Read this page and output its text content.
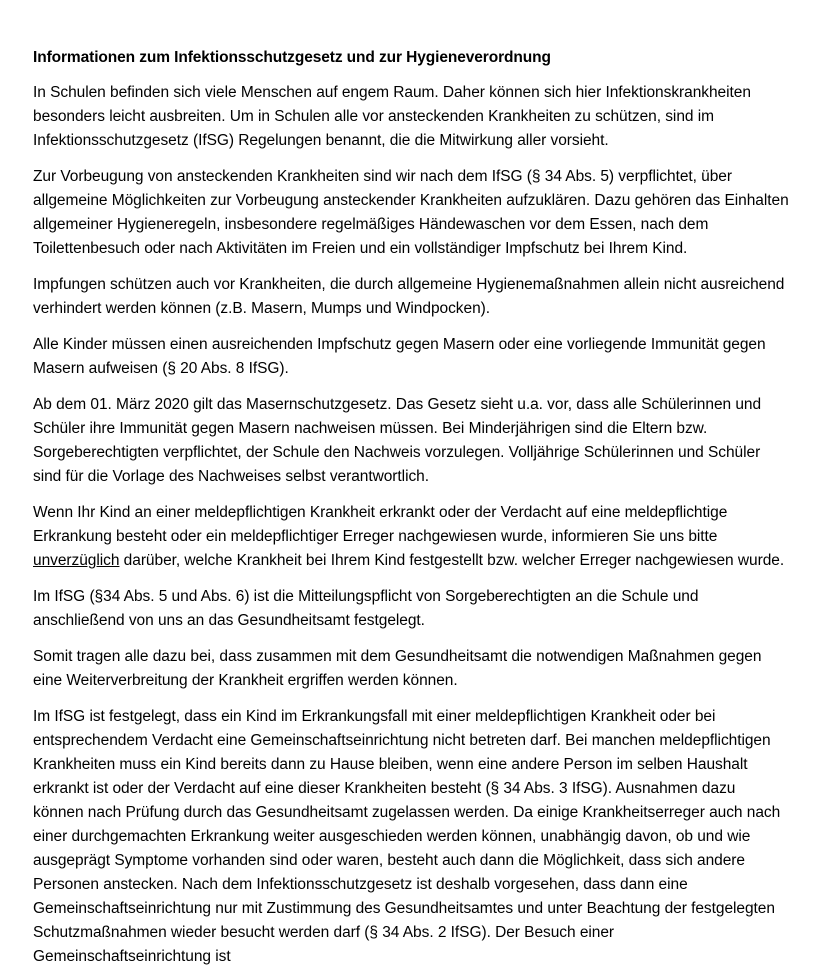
Informationen zum Infektionsschutzgesetz und zur Hygieneverordnung

In Schulen befinden sich viele Menschen auf engem Raum. Daher können sich hier Infektionskrankheiten besonders leicht ausbreiten. Um in Schulen alle vor ansteckenden Krankheiten zu schützen, sind im Infektionsschutzgesetz (IfSG) Regelungen benannt, die die Mitwirkung aller vorsieht.

Zur Vorbeugung von ansteckenden Krankheiten sind wir nach dem IfSG (§ 34 Abs. 5) verpflichtet, über allgemeine Möglichkeiten zur Vorbeugung ansteckender Krankheiten aufzuklären. Dazu gehören das Einhalten allgemeiner Hygieneregeln, insbesondere regelmäßiges Händewaschen vor dem Essen, nach dem Toilettenbesuch oder nach Aktivitäten im Freien und ein vollständiger Impfschutz bei Ihrem Kind.

Impfungen schützen auch vor Krankheiten, die durch allgemeine Hygienemaßnahmen allein nicht ausreichend verhindert werden können (z.B. Masern, Mumps und Windpocken).

Alle Kinder müssen einen ausreichenden Impfschutz gegen Masern oder eine vorliegende Immunität gegen Masern aufweisen (§ 20 Abs. 8 IfSG).

Ab dem 01. März 2020 gilt das Masernschutzgesetz. Das Gesetz sieht u.a. vor, dass alle Schülerinnen und Schüler ihre Immunität gegen Masern nachweisen müssen. Bei Minderjährigen sind die Eltern bzw. Sorgeberechtigten verpflichtet, der Schule den Nachweis vorzulegen. Volljährige Schülerinnen und Schüler sind für die Vorlage des Nachweises selbst verantwortlich.

Wenn Ihr Kind an einer meldepflichtigen Krankheit erkrankt oder der Verdacht auf eine meldepflichtige Erkrankung besteht oder ein meldepflichtiger Erreger nachgewiesen wurde, informieren Sie uns bitte unverzüglich darüber, welche Krankheit bei Ihrem Kind festgestellt bzw. welcher Erreger nachgewiesen wurde.

Im IfSG (§34 Abs. 5 und Abs. 6) ist die Mitteilungspflicht von Sorgeberechtigten an die Schule und anschließend von uns an das Gesundheitsamt festgelegt.

Somit tragen alle dazu bei, dass zusammen mit dem Gesundheitsamt die notwendigen Maßnahmen gegen eine Weiterverbreitung der Krankheit ergriffen werden können.

Im IfSG ist festgelegt, dass ein Kind im Erkrankungsfall mit einer meldepflichtigen Krankheit oder bei entsprechendem Verdacht eine Gemeinschaftseinrichtung nicht betreten darf. Bei manchen meldepflichtigen Krankheiten muss ein Kind bereits dann zu Hause bleiben, wenn eine andere Person im selben Haushalt erkrankt ist oder der Verdacht auf eine dieser Krankheiten besteht (§ 34 Abs. 3 IfSG). Ausnahmen dazu können nach Prüfung durch das Gesundheitsamt zugelassen werden. Da einige Krankheitserreger auch nach einer durchgemachten Erkrankung weiter ausgeschieden werden können, unabhängig davon, ob und wie ausgeprägt Symptome vorhanden sind oder waren, besteht auch dann die Möglichkeit, dass sich andere Personen anstecken. Nach dem Infektionsschutzgesetz ist deshalb vorgesehen, dass dann eine Gemeinschaftseinrichtung nur mit Zustimmung des Gesundheitsamtes und unter Beachtung der festgelegten Schutzmaßnahmen wieder besucht werden darf (§ 34 Abs. 2 IfSG). Der Besuch einer Gemeinschaftseinrichtung ist
